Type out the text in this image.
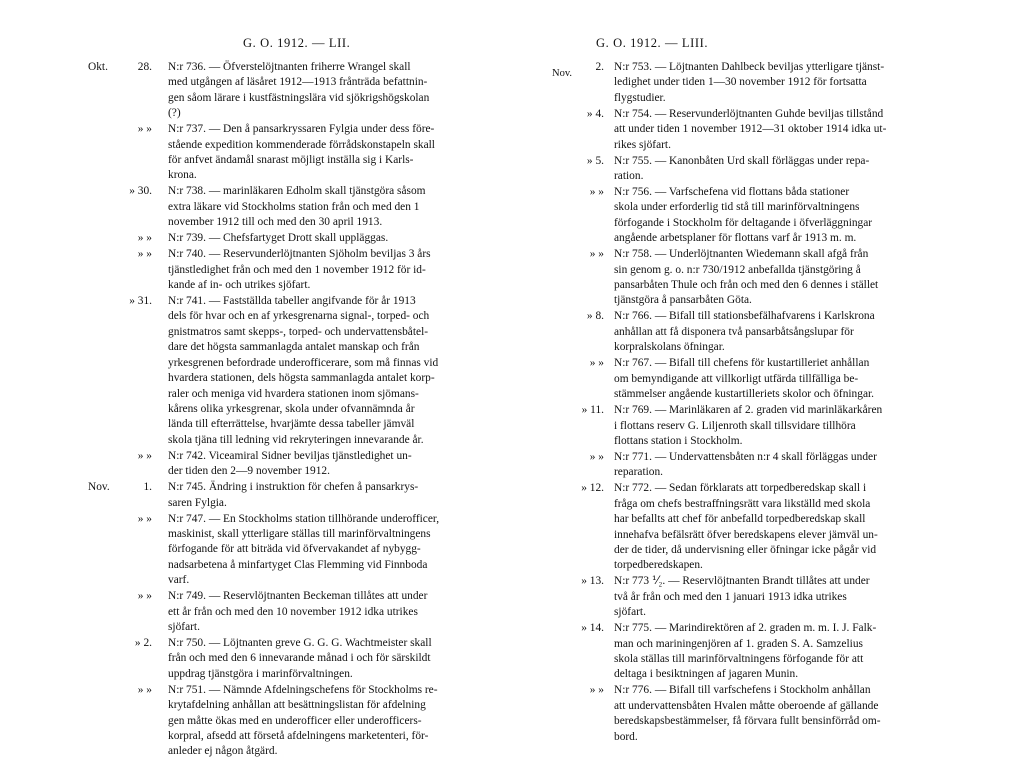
G. O. 1912. — LII.
Okt.	28. N:r 736. — Öfverstelöjtnanten friherre Wrangel skall
med utgången af läsåret 1912—1913 frånträda befattnin-
gen såom lärare i kustfästningslära vid sjökrigshögskolan
(?)
» » N:r 737. — Den å pansarkryssaren Fylgia under dess före-
stående expedition kommenderade förrådskonstapeln skall
för anfvet ändamål snarast möjligt inställa sig i Karls-
krona.
» 30. N:r 738. — marinläkaren Edholm skall tjänstgöra såsom
extra läkare vid Stockholms station från och med den 1
november 1912 till och med den 30 april 1913.
» » N:r 739. — Chefsfartyget Drott skall uppläggas.
» » N:r 740. — Reservunderlöjtnanten Sjöholm beviljas 3 års
tjänstledighet från och med den 1 november 1912 för id-
kande af in- och utrikes sjöfart.
» 31. N:r 741. — Fastställda tabeller angifvande för år 1913
dels för hvar och en af yrkesgrenarna signal-, torped- och
gnistmatros samt skepps-, torped- och undervattensbåtel-
dare det högsta sammanlagda antalet manskap och från
yrkesgrenen befordrade underofficerare, som må finnas vid
hvardera stationen, dels högsta sammanlagda antalet korp-
raler och meniga vid hvardera stationen inom sjömans-
kårens olika yrkesgrenar, skola under ofvannämnda år
lända till efterrättelse, hvarjämte dessa tabeller jämväl
skola tjäna till ledning vid rekryteringen innevarande år.
» » N:r 742. Viceamiral Sidner beviljas tjänstledighet un-
der tiden den 2—9 november 1912.
Nov.	1. N:r 745. Ändring i instruktion för chefen å pansarkrys-
saren Fylgia.
» » N:r 747. — En Stockholms station tillhörande underofficer,
maskinist, skall ytterligare ställas till marinförvaltningens
förfogande för att biträda vid öfvervakandet af nybygg-
nadsarbetena å minfartyget Clas Flemming vid Finnboda
varf.
» » N:r 749. — Reservlöjtnanten Beckeman tillåtes att under
ett år från och med den 10 november 1912 idka utrikes
sjöfart.
» 2. N:r 750. — Löjtnanten greve G. G. G. Wachtmeister skall
från och med den 6 innevarande månad i och för särskildt
uppdrag tjänstgöra i marinförvaltningen.
» » N:r 751. — Nämnde Afdelningschefens för Stockholms re-
krytafdelning anhållan att besättningslistan för afdelning
gen måtte ökas med en underofficer eller underofficers-
korpral, afsedd att försetå afdelningens marketenteri, för-
anleder ej någon åtgärd.
G. O. 1912. — LIII.
Nov.
2. N:r 753. — Löjtnanten Dahlbeck beviljas ytterligare tjänst-
ledighet under tiden 1—30 november 1912 för fortsatta
flygstudier.
» 4. N:r 754. — Reservunderlöjtnanten Guhde beviljas tillstånd
att under tiden 1 november 1912—31 oktober 1914 idka ut-
rikes sjöfart.
» 5. N:r 755. — Kanonbåten Urd skall förläggas under repa-
ration.
» » N:r 756. — Varfschefena vid flottans båda stationer
skola under erforderlig tid stå till marinförvaltningens
förfogande i Stockholm för deltagande i öfverläggningar
angående arbetsplaner för flottans varf år 1913 m. m.
» » N:r 758. — Underlöjtnanten Wiedemann skall afgå från
sin genom g. o. n:r 730/1912 anbefallda tjänstgöring å
pansarbåten Thule och från och med den 6 dennes i stället
tjänstgöra å pansarbåten Göta.
» 8. N:r 766. — Bifall till stationsbefälhafvarens i Karlskrona
anhållan att få disponera två pansarbåtsångslupar för
korpralskolans öfningar.
» » N:r 767. — Bifall till chefens för kustartilleriet anhållan
om bemyndigande att villkorligt utfärda tillfälliga be-
stämmelser angående kustartilleriets skolor och öfningar.
» 11. N:r 769. — Marinläkaren af 2. graden vid marinläkarkåren
i flottans reserv G. Liljenroth skall tillsvidare tillhöra
flottans station i Stockholm.
» » N:r 771. — Undervattensbåten n:r 4 skall förläggas under
reparation.
» 12. N:r 772. — Sedan förklarats att torpedberedskap skall i
fråga om chefs bestraffningsrätt vara likställd med skola
har befallts att chef för anbefalld torpedberedskap skall
innehafva befälsrätt öfver beredskapens elever jämväl un-
der de tider, då undervisning eller öfningar icke pågår vid
torpedberedskapen.
» 13. N:r 773 ⅟₂. — Reservlöjtnanten Brandt tillåtes att under
två år från och med den 1 januari 1913 idka utrikes
sjöfart.
» 14. N:r 775. — Marindirektören af 2. graden m. m. I. J. Falk-
man och mariningenjören af 1. graden S. A. Samzelius
skola ställas till marinförvaltningens förfogande för att
deltaga i besiktningen af jagaren Munin.
» » N:r 776. — Bifall till varfschefens i Stockholm anhållan
att undervattensbåten Hvalen måtte oberoende af gällande
beredskapsbestämmelser, få förvara fullt bensinförråd om-
bord.
